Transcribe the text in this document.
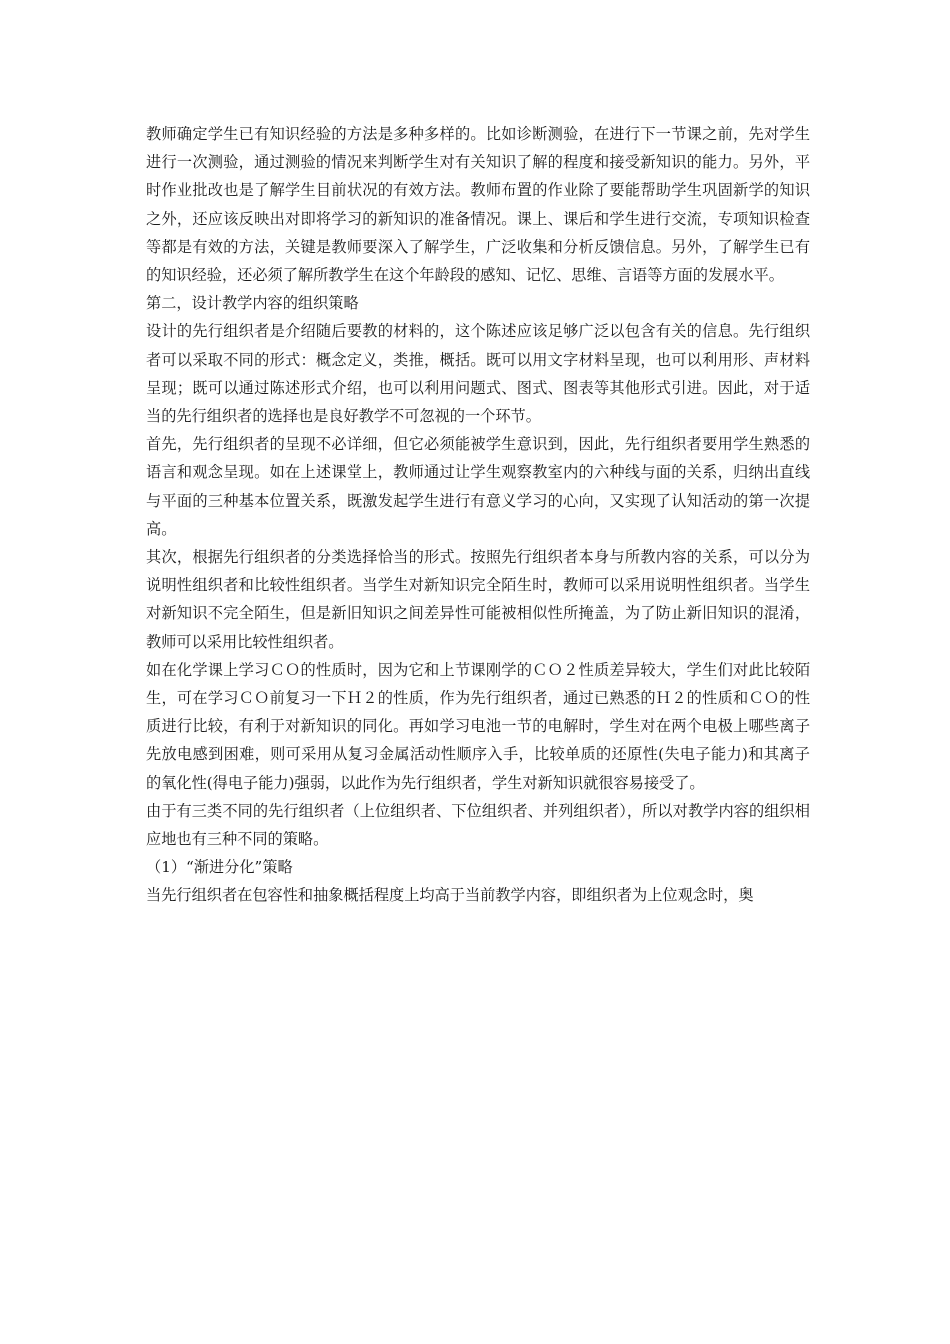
教师确定学生已有知识经验的方法是多种多样的。比如诊断测验，在进行下一节课之前，先对学生进行一次测验，通过测验的情况来判断学生对有关知识了解的程度和接受新知识的能力。另外，平时作业批改也是了解学生目前状况的有效方法。教师布置的作业除了要能帮助学生巩固新学的知识之外，还应该反映出对即将学习的新知识的准备情况。课上、课后和学生进行交流，专项知识检查等都是有效的方法，关键是教师要深入了解学生，广泛收集和分析反馈信息。另外，了解学生已有的知识经验，还必须了解所教学生在这个年龄段的感知、记忆、思维、言语等方面的发展水平。

第二，设计教学内容的组织策略

设计的先行组织者是介绍随后要教的材料的，这个陈述应该足够广泛以包含有关的信息。先行组织者可以采取不同的形式：概念定义，类推，概括。既可以用文字材料呈现，也可以利用形、声材料呈现；既可以通过陈述形式介绍，也可以利用问题式、图式、图表等其他形式引进。因此，对于适当的先行组织者的选择也是良好教学不可忽视的一个环节。

首先，先行组织者的呈现不必详细，但它必须能被学生意识到，因此，先行组织者要用学生熟悉的语言和观念呈现。如在上述课堂上，教师通过让学生观察教室内的六种线与面的关系，归纳出直线与平面的三种基本位置关系，既激发起学生进行有意义学习的心向，又实现了认知活动的第一次提高。

其次，根据先行组织者的分类选择恰当的形式。按照先行组织者本身与所教内容的关系，可以分为说明性组织者和比较性组织者。当学生对新知识完全陌生时，教师可以采用说明性组织者。当学生对新知识不完全陌生，但是新旧知识之间差异性可能被相似性所掩盖，为了防止新旧知识的混淆，教师可以采用比较性组织者。

如在化学课上学习ＣＯ的性质时，因为它和上节课刚学的ＣＯ２性质差异较大，学生们对此比较陌生，可在学习ＣＯ前复习一下Ｈ２的性质，作为先行组织者，通过已熟悉的Ｈ２的性质和ＣＯ的性质进行比较，有利于对新知识的同化。再如学习电池一节的电解时，学生对在两个电极上哪些离子先放电感到困难，则可采用从复习金属活动性顺序入手，比较单质的还原性(失电子能力)和其离子的氧化性(得电子能力)强弱，以此作为先行组织者，学生对新知识就很容易接受了。

由于有三类不同的先行组织者（上位组织者、下位组织者、并列组织者），所以对教学内容的组织相应地也有三种不同的策略。

（1）“渐进分化”策略

当先行组织者在包容性和抽象概括程度上均高于当前教学内容，即组织者为上位观念时，奥
